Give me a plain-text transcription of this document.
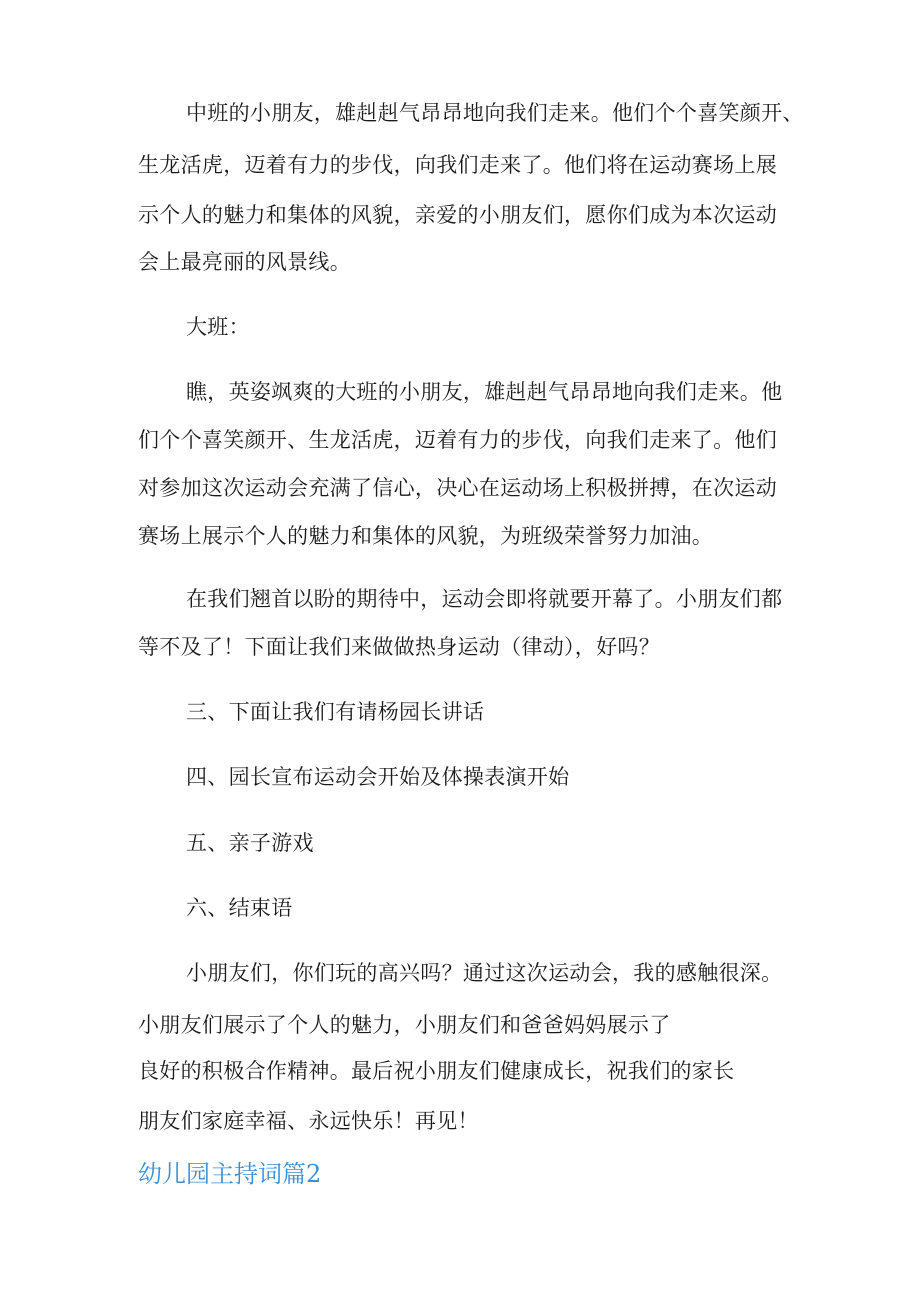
中班的小朋友，雄赳赳气昂昂地向我们走来。他们个个喜笑颜开、

生龙活虎，迈着有力的步伐，向我们走来了。他们将在运动赛场上展

示个人的魅力和集体的风貌，亲爱的小朋友们，愿你们成为本次运动

会上最亮丽的风景线。

大班：

瞧，英姿飒爽的大班的小朋友，雄赳赳气昂昂地向我们走来。他

们个个喜笑颜开、生龙活虎，迈着有力的步伐，向我们走来了。他们

对参加这次运动会充满了信心，决心在运动场上积极拼搏，在次运动

赛场上展示个人的魅力和集体的风貌，为班级荣誉努力加油。

在我们翘首以盼的期待中，运动会即将就要开幕了。小朋友们都

等不及了！下面让我们来做做热身运动（律动），好吗？

三、下面让我们有请杨园长讲话

四、园长宣布运动会开始及体操表演开始

五、亲子游戏

六、结束语

小朋友们，你们玩的高兴吗？通过这次运动会，我的感触很深。

小朋友们展示了个人的魅力，小朋友们和爸爸妈妈展示了

良好的积极合作精神。最后祝小朋友们健康成长，祝我们的家长

朋友们家庭幸福、永远快乐！再见！

幼儿园主持词篇2
